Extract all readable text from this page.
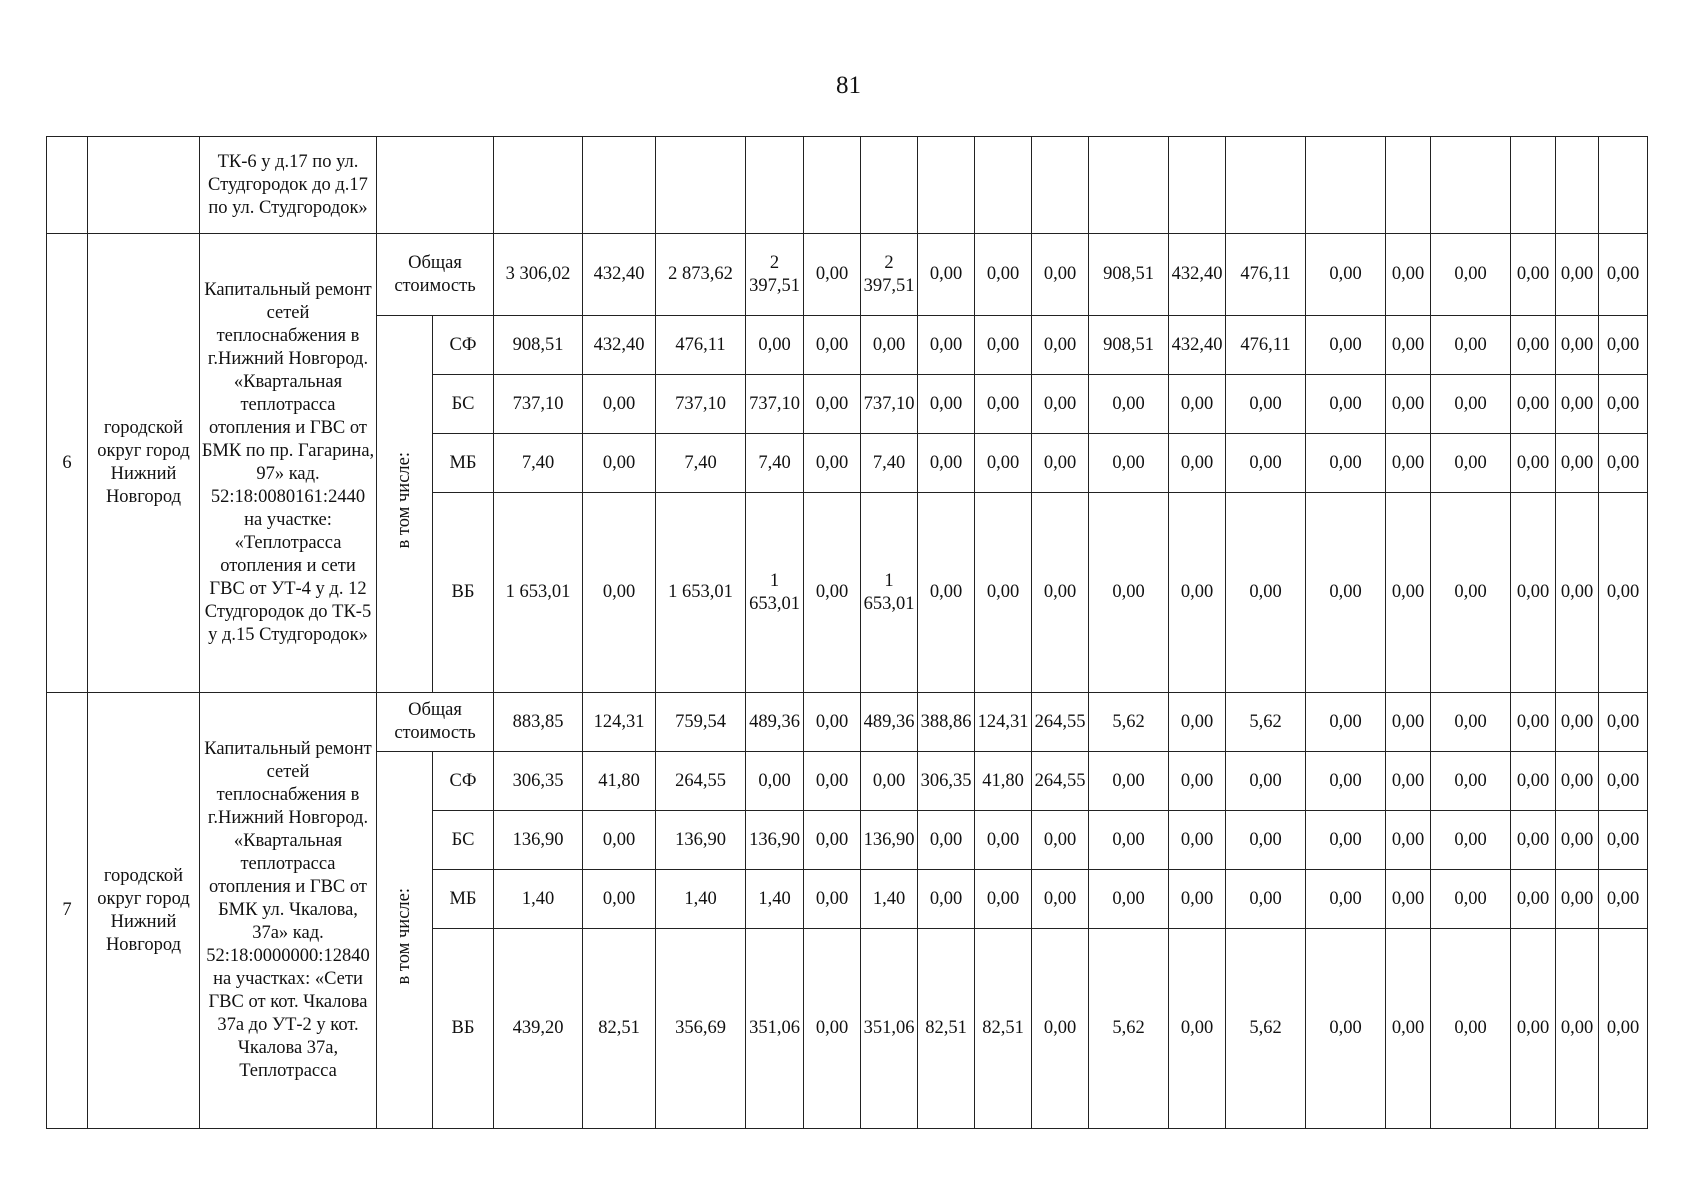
81
		ТК-6 у д.17 по ул. Студгородок до д.17 по ул. Студгородок»																				
6	городской округ город Нижний Новгород	Капитальный ремонт сетей теплоснабжения в г.Нижний Новгород. «Квартальная теплотрасса отопления и ГВС от БМК по пр. Гагарина, 97» кад. 52:18:0080161:2440 на участке: «Теплотрасса отопления и сети ГВС от УТ-4 у д. 12 Студгородок до ТК-5 у д.15 Студгородок»	Общая стоимость		3 306,02	432,40	2 873,62	2 397,51	0,00	2 397,51	0,00	0,00	0,00	908,51	432,40	476,11	0,00	0,00	0,00	0,00	0,00	0,00
			в том числе:	СФ	908,51	432,40	476,11	0,00	0,00	0,00	0,00	0,00	0,00	908,51	432,40	476,11	0,00	0,00	0,00	0,00	0,00	0,00
				БС	737,10	0,00	737,10	737,10	0,00	737,10	0,00	0,00	0,00	0,00	0,00	0,00	0,00	0,00	0,00	0,00	0,00	0,00
				МБ	7,40	0,00	7,40	7,40	0,00	7,40	0,00	0,00	0,00	0,00	0,00	0,00	0,00	0,00	0,00	0,00	0,00	0,00
				ВБ	1 653,01	0,00	1 653,01	1 653,01	0,00	1 653,01	0,00	0,00	0,00	0,00	0,00	0,00	0,00	0,00	0,00	0,00	0,00	0,00
7	городской округ город Нижний Новгород	Капитальный ремонт сетей теплоснабжения в г.Нижний Новгород. «Квартальная теплотрасса отопления и ГВС от БМК ул. Чкалова, 37а» кад. 52:18:0000000:12840 на участках: «Сети ГВС от кот. Чкалова 37а до УТ-2 у кот. Чкалова 37а, Теплотрасса	Общая стоимость		883,85	124,31	759,54	489,36	0,00	489,36	388,86	124,31	264,55	5,62	0,00	5,62	0,00	0,00	0,00	0,00	0,00	0,00
			в том числе:	СФ	306,35	41,80	264,55	0,00	0,00	0,00	306,35	41,80	264,55	0,00	0,00	0,00	0,00	0,00	0,00	0,00	0,00	0,00
				БС	136,90	0,00	136,90	136,90	0,00	136,90	0,00	0,00	0,00	0,00	0,00	0,00	0,00	0,00	0,00	0,00	0,00	0,00
				МБ	1,40	0,00	1,40	1,40	0,00	1,40	0,00	0,00	0,00	0,00	0,00	0,00	0,00	0,00	0,00	0,00	0,00	0,00
				ВБ	439,20	82,51	356,69	351,06	0,00	351,06	82,51	82,51	0,00	5,62	0,00	5,62	0,00	0,00	0,00	0,00	0,00	0,00
